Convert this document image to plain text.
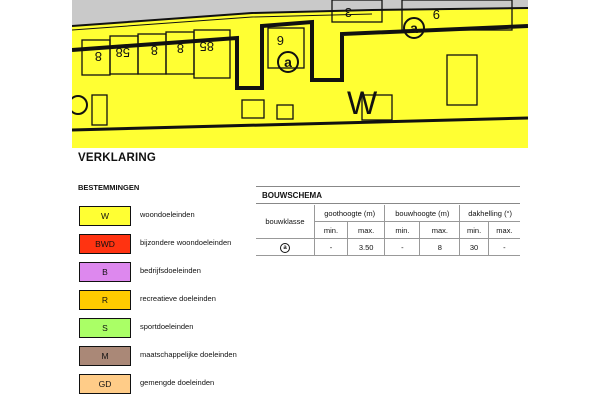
8 58 8 8 85	6
3	9
a
a
W
VERKLARING
BESTEMMINGEN
W	woondoeleinden
BWD	bijzondere woondoeleinden
B	bedrijfsdoeleinden
R	recreatieve doeleinden
S	sportdoeleinden
M	maatschappelijke doeleinden
GD	gemengde doeleinden
BOUWSCHEMA
bouwklasse	goothoogte (m)		bouwhoogte (m)		dakhelling (°)	
	min.	max.	min.	max.	min.	max.
a	-	3.50	-	8	30	-
